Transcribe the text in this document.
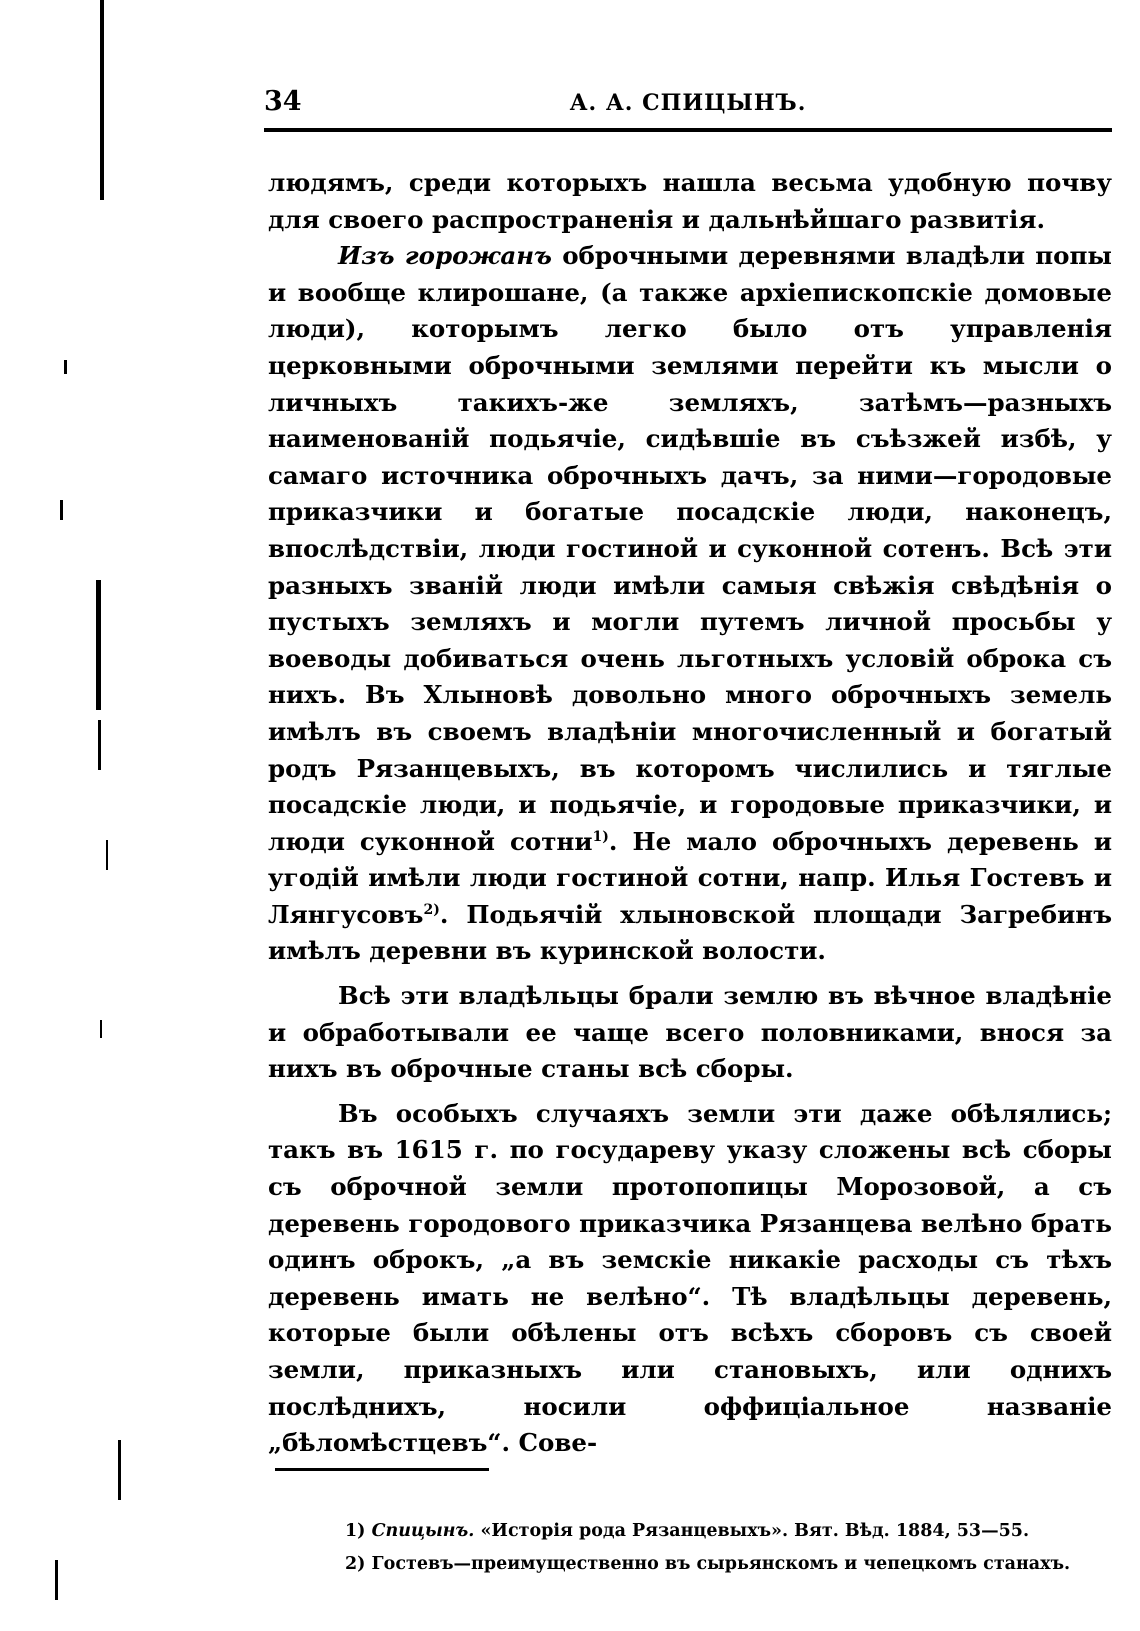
34	А. А. СПИЦЫНЪ.

людямъ, среди которыхъ нашла весьма удобную почву для своего распространенія и дальнѣйшаго развитія.

Изъ горожанъ оброчными деревнями владѣли попы и вообще клирошане, (а также архіепископскіе домовые люди), которымъ легко было отъ управленія церковными оброчными землями перейти къ мысли о личныхъ такихъ-же земляхъ, затѣмъ—разныхъ наименованій подьячіе, сидѣвшіе въ съѣзжей избѣ, у самаго источника оброчныхъ дачъ, за ними—городовые приказчики и богатые посадскіе люди, наконецъ, впослѣдствіи, люди гостиной и суконной сотенъ. Всѣ эти разныхъ званій люди имѣли самыя свѣжія свѣдѣнія о пустыхъ земляхъ и могли путемъ личной просьбы у воеводы добиваться очень льготныхъ условій оброка съ нихъ. Въ Хлыновѣ довольно много оброчныхъ земель имѣлъ въ своемъ владѣніи многочисленный и богатый родъ Рязанцевыхъ, въ которомъ числились и тяглые посадскіе люди, и подьячіе, и городовые приказчики, и люди суконной сотни$^{1)}$. Не мало оброчныхъ деревень и угодій имѣли люди гостиной сотни, напр. Илья Гостевъ и Лянгусовъ$^{2)}$. Подьячій хлыновской площади Загребинъ имѣлъ деревни въ куринской волости.

Всѣ эти владѣльцы брали землю въ вѣчное владѣніе и обработывали ее чаще всего половниками, внося за нихъ въ оброчные станы всѣ сборы.

Въ особыхъ случаяхъ земли эти даже обѣлялись; такъ въ 1615 г. по государеву указу сложены всѣ сборы съ оброчной земли протопопицы Морозовой, а съ деревень городового приказчика Рязанцева велѣно брать одинъ оброкъ, „а въ земскіе никакіе расходы съ тѣхъ деревень имать не велѣно“. Тѣ владѣльцы деревень, которые были обѣлены отъ всѣхъ сборовъ съ своей земли, приказныхъ или становыхъ, или однихъ послѣднихъ, носили оффиціальное названіе „бѣломѣстцевъ“. Сове-

1) Спицынъ. «Исторія рода Рязанцевыхъ». Вят. Вѣд. 1884, 53—55.

2) Гостевъ—преимущественно въ сырьянскомъ и чепецкомъ станахъ.
